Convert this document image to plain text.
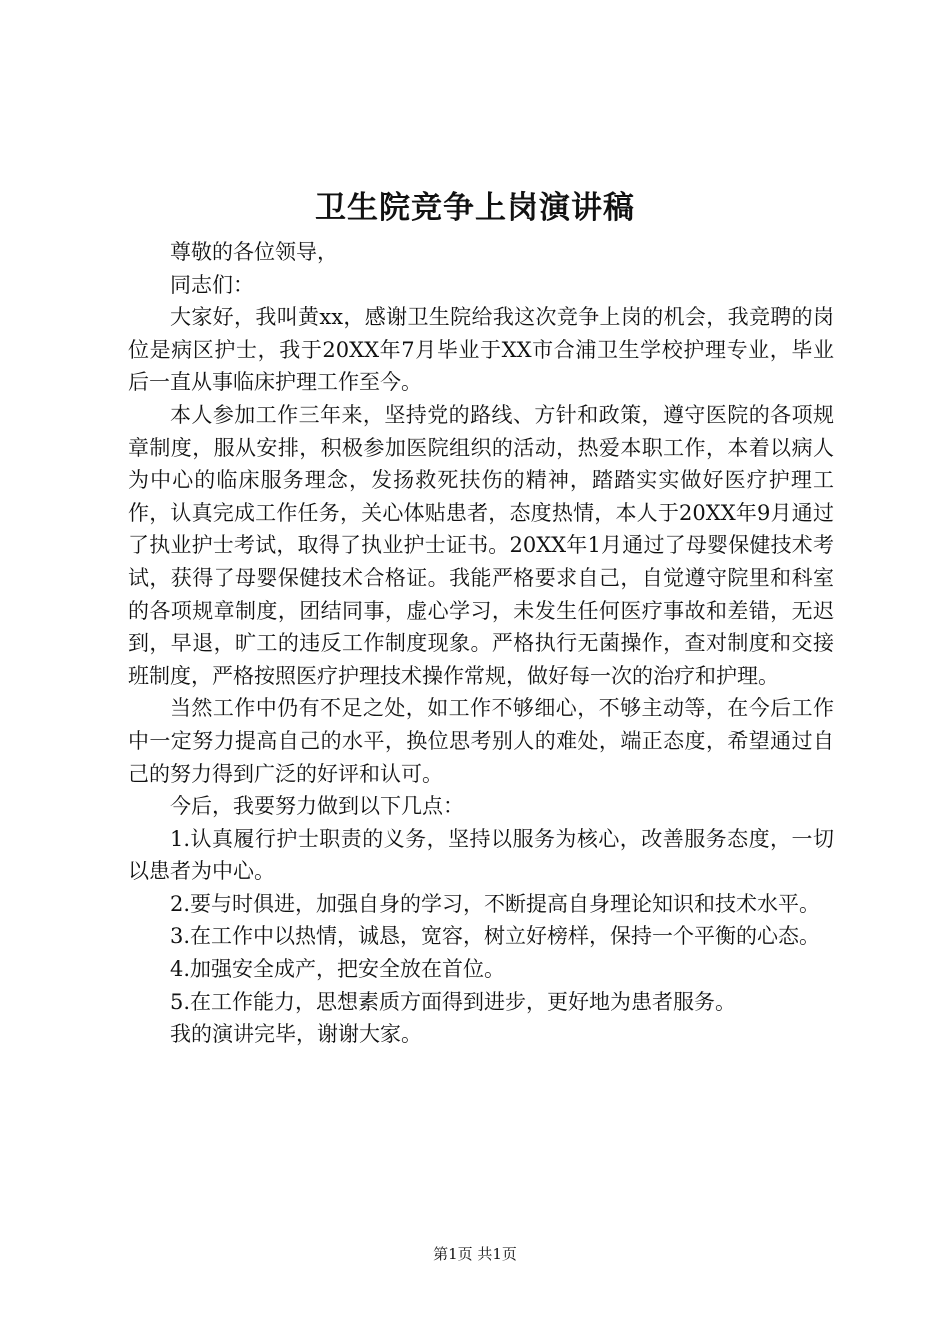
卫生院竞争上岗演讲稿

尊敬的各位领导，

同志们：

大家好，我叫黄xx，感谢卫生院给我这次竞争上岗的机会，我竞聘的岗位是病区护士，我于20XX年7月毕业于XX市合浦卫生学校护理专业，毕业后一直从事临床护理工作至今。

本人参加工作三年来，坚持党的路线、方针和政策，遵守医院的各项规章制度，服从安排，积极参加医院组织的活动，热爱本职工作，本着以病人为中心的临床服务理念，发扬救死扶伤的精神，踏踏实实做好医疗护理工作，认真完成工作任务，关心体贴患者，态度热情，本人于20XX年9月通过了执业护士考试，取得了执业护士证书。20XX年1月通过了母婴保健技术考试，获得了母婴保健技术合格证。我能严格要求自己，自觉遵守院里和科室的各项规章制度，团结同事，虚心学习，未发生任何医疗事故和差错，无迟到，早退，旷工的违反工作制度现象。严格执行无菌操作，查对制度和交接班制度，严格按照医疗护理技术操作常规，做好每一次的治疗和护理。

当然工作中仍有不足之处，如工作不够细心，不够主动等，在今后工作中一定努力提高自己的水平，换位思考别人的难处，端正态度，希望通过自己的努力得到广泛的好评和认可。

今后，我要努力做到以下几点：

1.认真履行护士职责的义务，坚持以服务为核心，改善服务态度，一切以患者为中心。

2.要与时俱进，加强自身的学习，不断提高自身理论知识和技术水平。

3.在工作中以热情，诚恳，宽容，树立好榜样，保持一个平衡的心态。

4.加强安全成产，把安全放在首位。

5.在工作能力，思想素质方面得到进步，更好地为患者服务。

我的演讲完毕，谢谢大家。

第1页 共1页
